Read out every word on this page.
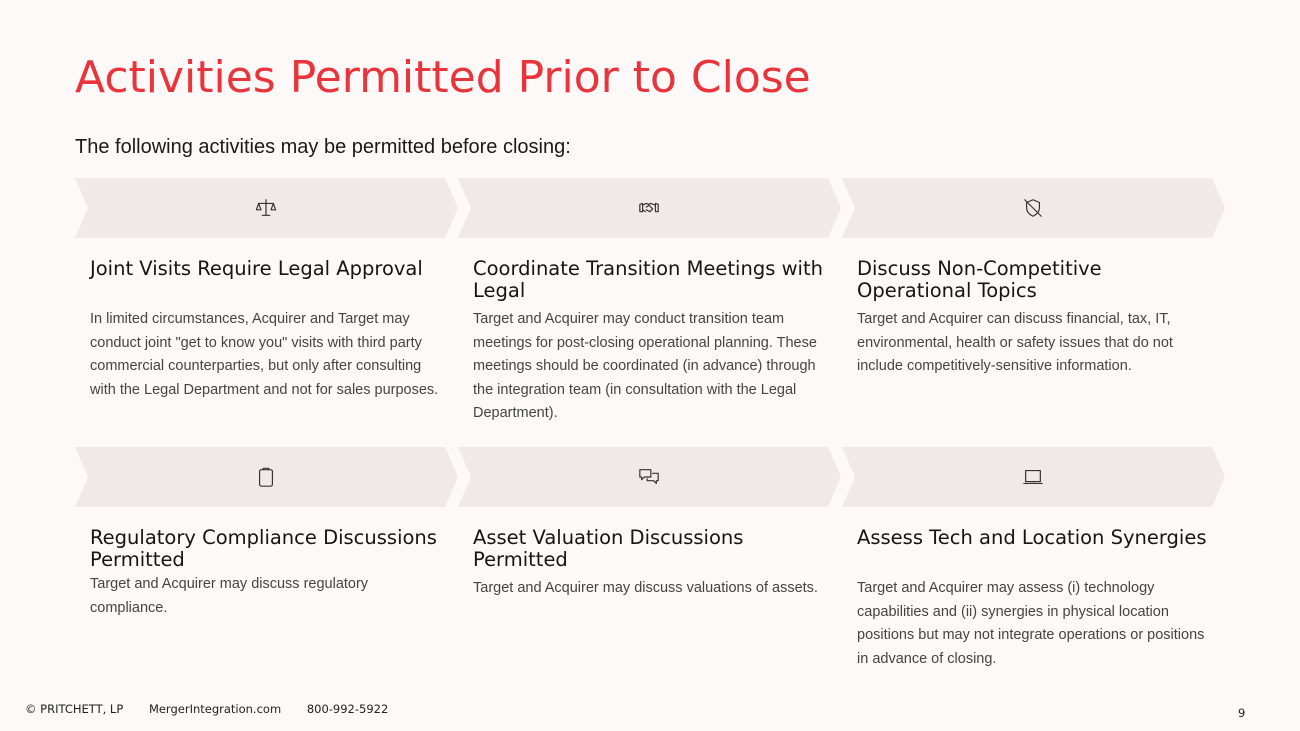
Activities Permitted Prior to Close
The following activities may be permitted before closing:
Joint Visits Require Legal Approval
In limited circumstances, Acquirer and Target may conduct joint "get to know you" visits with third party commercial counterparties, but only after consulting with the Legal Department and not for sales purposes.
Coordinate Transition Meetings with Legal
Target and Acquirer may conduct transition team meetings for post-closing operational planning. These meetings should be coordinated (in advance) through the integration team (in consultation with the Legal Department).
Discuss Non-Competitive Operational Topics
Target and Acquirer can discuss financial, tax, IT, environmental, health or safety issues that do not include competitively-sensitive information.
Regulatory Compliance Discussions Permitted
Target and Acquirer may discuss regulatory compliance.
Asset Valuation Discussions Permitted
Target and Acquirer may discuss valuations of assets.
Assess Tech and Location Synergies
Target and Acquirer may assess (i) technology capabilities and (ii) synergies in physical location positions but may not integrate operations or positions in advance of closing.
© PRITCHETT, LP MergerIntegration.com 800-992-5922	9
